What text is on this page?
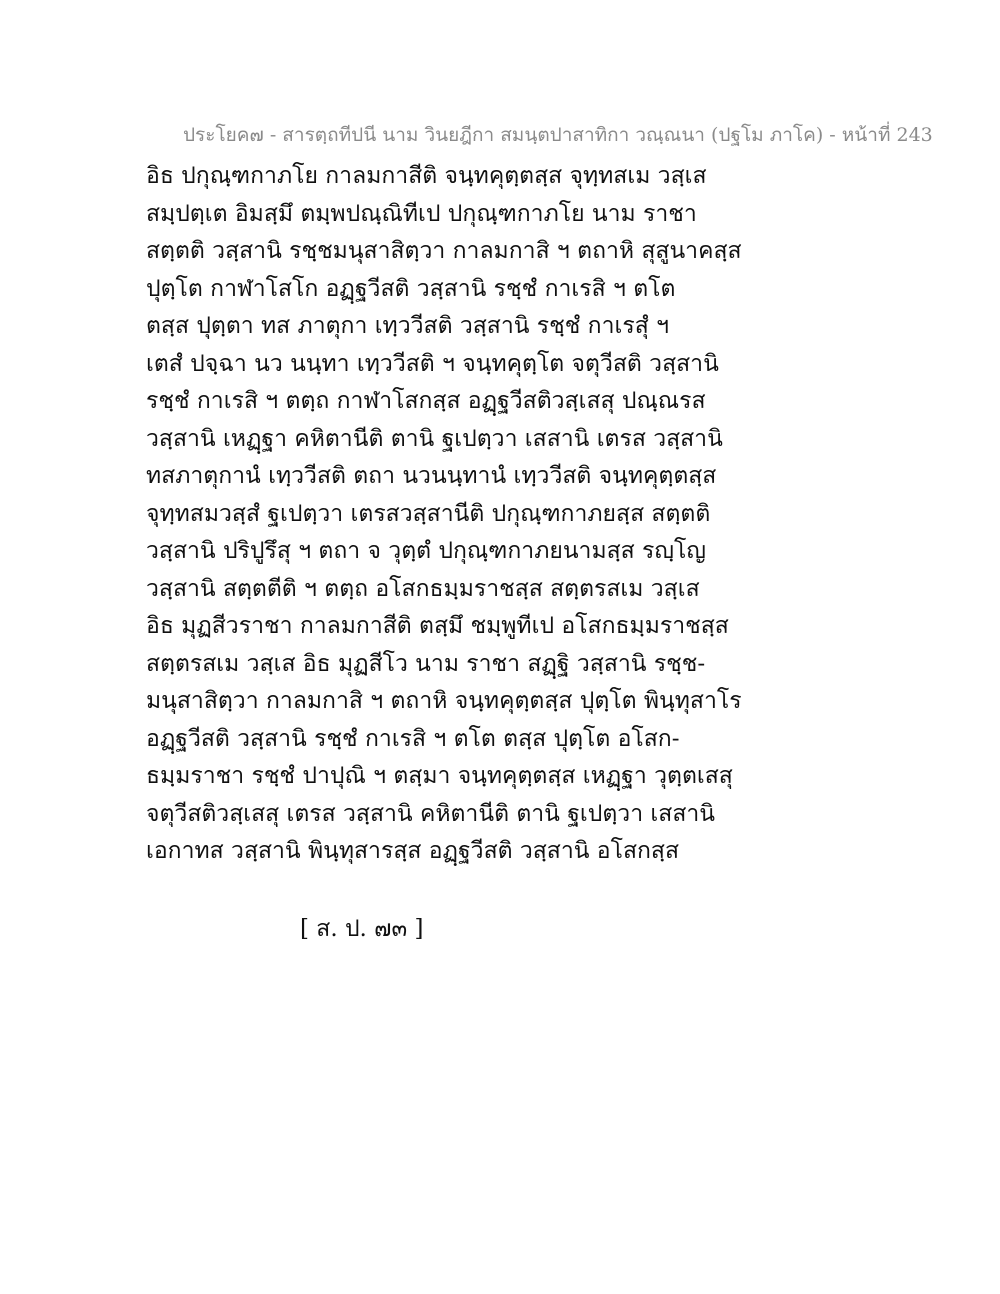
ประโยค๗ - สารตฺถทีปนี นาม วินยฎีกา สมนฺตปาสาทิกา วณฺณนา (ปฐโม ภาโค) - หน้าที่ 243
อิธ ปกุณฺฑกาภโย กาลมกาสีติ จนฺทคุตฺตสฺส จุทฺทสเม วสฺเส
สมฺปตฺเต อิมสฺมึ ตมฺพปณฺณิทีเป ปกุณฺฑกาภโย นาม ราชา
สตฺตติ วสฺสานิ รชฺชมนุสาสิตฺวา กาลมกาสิ ฯ ตถาหิ สุสูนาคสฺส
ปุตฺโต กาฬาโสโก อฏฺฐวีสติ วสฺสานิ รชฺชํ กาเรสิ ฯ ตโต
ตสฺส ปุตฺตา ทส ภาตุกา เทฺววีสติ วสฺสานิ รชฺชํ กาเรสุํ ฯ
เตสํ ปจฺฉา นว นนฺทา เทฺววีสติ ฯ จนฺทคุตฺโต จตุวีสติ วสฺสานิ
รชฺชํ กาเรสิ ฯ ตตฺถ กาฬาโสกสฺส อฏฺฐวีสติวสฺเสสุ ปณฺณรส
วสฺสานิ เหฏฺฐา คหิตานีติ ตานิ ฐเปตฺวา เสสานิ เตรส วสฺสานิ
ทสภาตุกานํ เทฺววีสติ ตถา นวนนฺทานํ เทฺววีสติ จนฺทคุตฺตสฺส
จุทฺทสมวสฺสํ ฐเปตฺวา เตรสวสฺสานีติ ปกุณฺฑกาภยสฺส สตฺตติ
วสฺสานิ ปริปูรึสุ ฯ ตถา จ วุตฺตํ ปกุณฺฑกาภยนามสฺส รญฺโญ
วสฺสานิ สตฺตตีติ ฯ ตตฺถ อโสกธมฺมราชสฺส สตฺตรสเม วสฺเส
อิธ มุฏสีวราชา กาลมกาสีติ ตสฺมึ ชมฺพูทีเป อโสกธมฺมราชสฺส
สตฺตรสเม วสฺเส อิธ มุฏสีโว นาม ราชา สฏฺฐิ วสฺสานิ รชฺช-
มนุสาสิตฺวา กาลมกาสิ ฯ ตถาหิ จนฺทคุตฺตสฺส ปุตฺโต พินฺทุสาโร
อฏฺฐวีสติ วสฺสานิ รชฺชํ กาเรสิ ฯ ตโต ตสฺส ปุตฺโต อโสก-
ธมฺมราชา รชฺชํ ปาปุณิ ฯ ตสฺมา จนฺทคุตฺตสฺส เหฏฺฐา วุตฺตเสสุ
จตุวีสติวสฺเสสุ เตรส วสฺสานิ คหิตานีติ ตานิ ฐเปตฺวา เสสานิ
เอกาทส วสฺสานิ พินฺทุสารสฺส อฏฺฐวีสติ วสฺสานิ อโสกสฺส
[ ส. ป. ๗๓ ]
